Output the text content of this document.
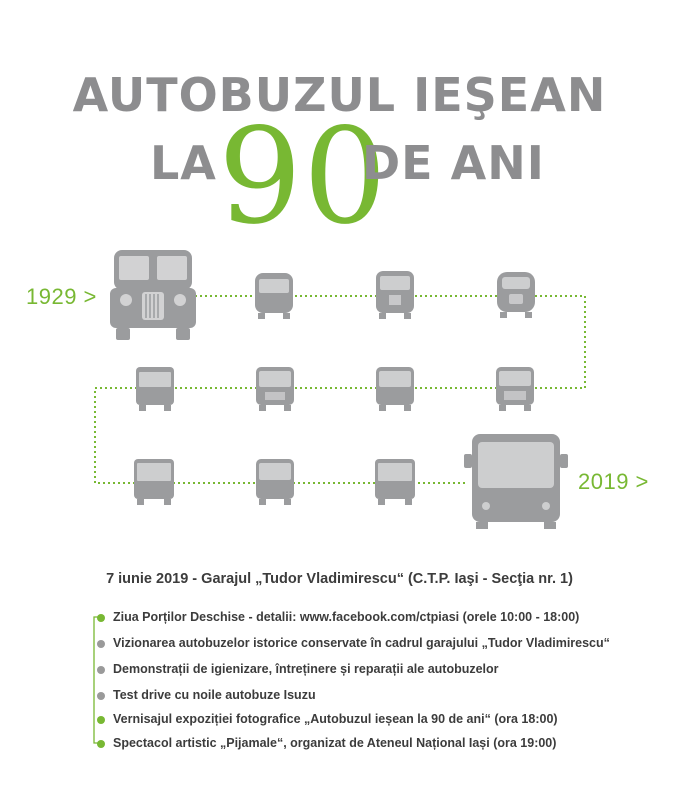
AUTOBUZUL IEŞEAN
LA 90
DE ANI
1929 >
2019 >
7 iunie 2019 - Garajul „Tudor Vladimirescu“ (C.T.P. Iaşi - Secţia nr. 1)
Ziua Porților Deschise - detalii: www.facebook.com/ctpiasi (orele 10:00 - 18:00)
Vizionarea autobuzelor istorice conservate în cadrul garajului „Tudor Vladimirescu“
Demonstrații de igienizare, întreținere și reparații ale autobuzelor
Test drive cu noile autobuze Isuzu
Vernisajul expoziției fotografice „Autobuzul ieșean la 90 de ani“ (ora 18:00)
Spectacol artistic „Pijamale“, organizat de Ateneul Național Iași (ora 19:00)
